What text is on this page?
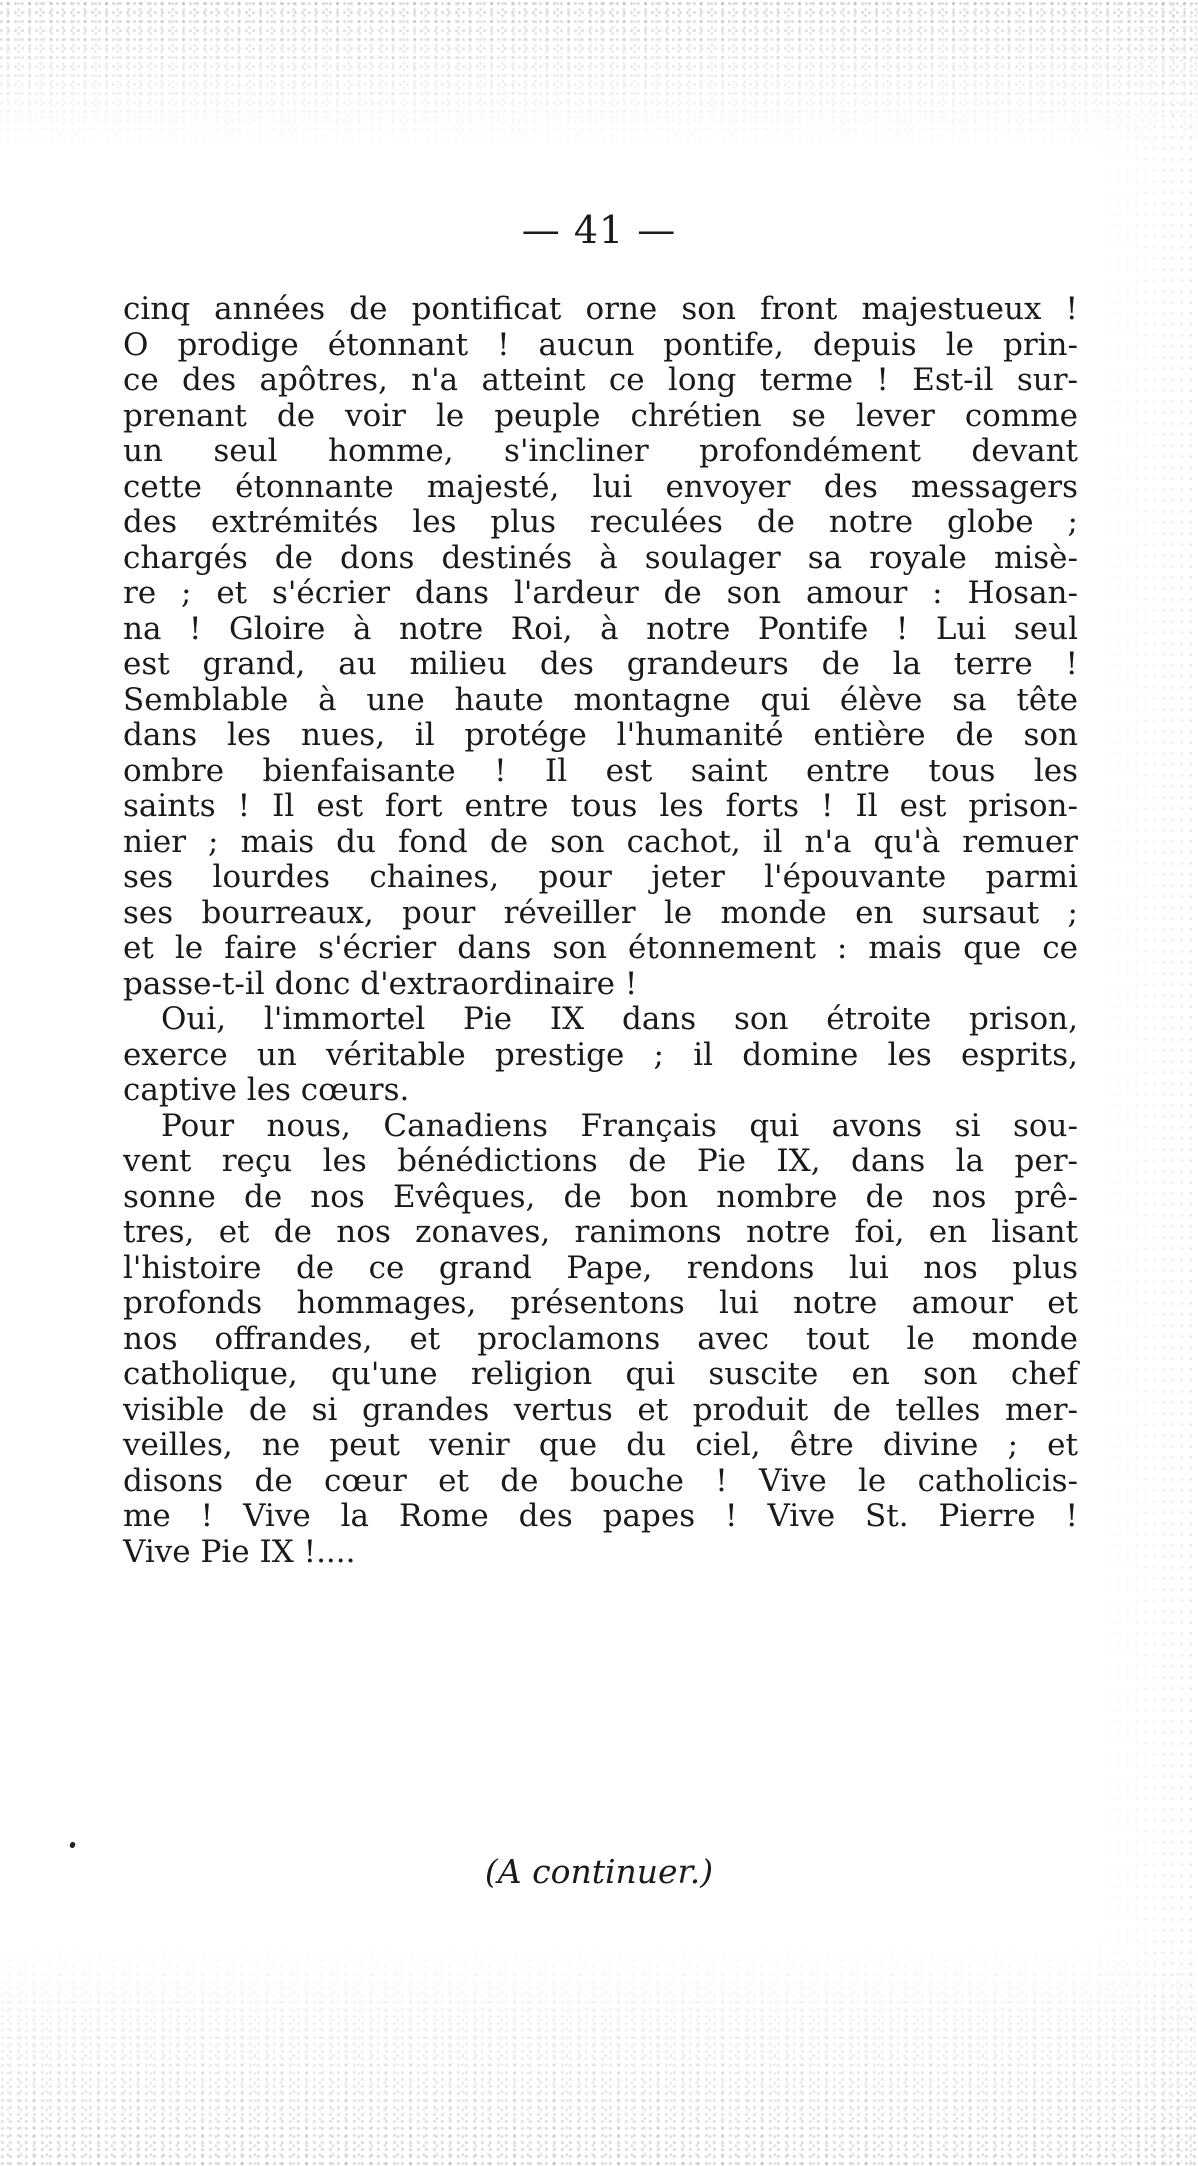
— 41 —
cinq années de pontificat orne son front majestueux !
O prodige étonnant ! aucun pontife, depuis le prin-
ce des apôtres, n'a atteint ce long terme ! Est-il sur-
prenant de voir le peuple chrétien se lever comme
un seul homme, s'incliner profondément devant
cette étonnante majesté, lui envoyer des messagers
des extrémités les plus reculées de notre globe ;
chargés de dons destinés à soulager sa royale misè-
re ; et s'écrier dans l'ardeur de son amour : Hosan-
na ! Gloire à notre Roi, à notre Pontife ! Lui seul
est grand, au milieu des grandeurs de la terre !
Semblable à une haute montagne qui élève sa tête
dans les nues, il protége l'humanité entière de son
ombre bienfaisante ! Il est saint entre tous les
saints ! Il est fort entre tous les forts ! Il est prison-
nier ; mais du fond de son cachot, il n'a qu'à remuer
ses lourdes chaines, pour jeter l'épouvante parmi
ses bourreaux, pour réveiller le monde en sursaut ;
et le faire s'écrier dans son étonnement : mais que ce
passe-t-il donc d'extraordinaire !
Oui, l'immortel Pie IX dans son étroite prison,
exerce un véritable prestige ; il domine les esprits,
captive les cœurs.
Pour nous, Canadiens Français qui avons si sou-
vent reçu les bénédictions de Pie IX, dans la per-
sonne de nos Evêques, de bon nombre de nos prê-
tres, et de nos zonaves, ranimons notre foi, en lisant
l'histoire de ce grand Pape, rendons lui nos plus
profonds hommages, présentons lui notre amour et
nos offrandes, et proclamons avec tout le monde
catholique, qu'une religion qui suscite en son chef
visible de si grandes vertus et produit de telles mer-
veilles, ne peut venir que du ciel, être divine ; et
disons de cœur et de bouche ! Vive le catholicis-
me ! Vive la Rome des papes ! Vive St. Pierre !
Vive Pie IX !....
(A continuer.)
